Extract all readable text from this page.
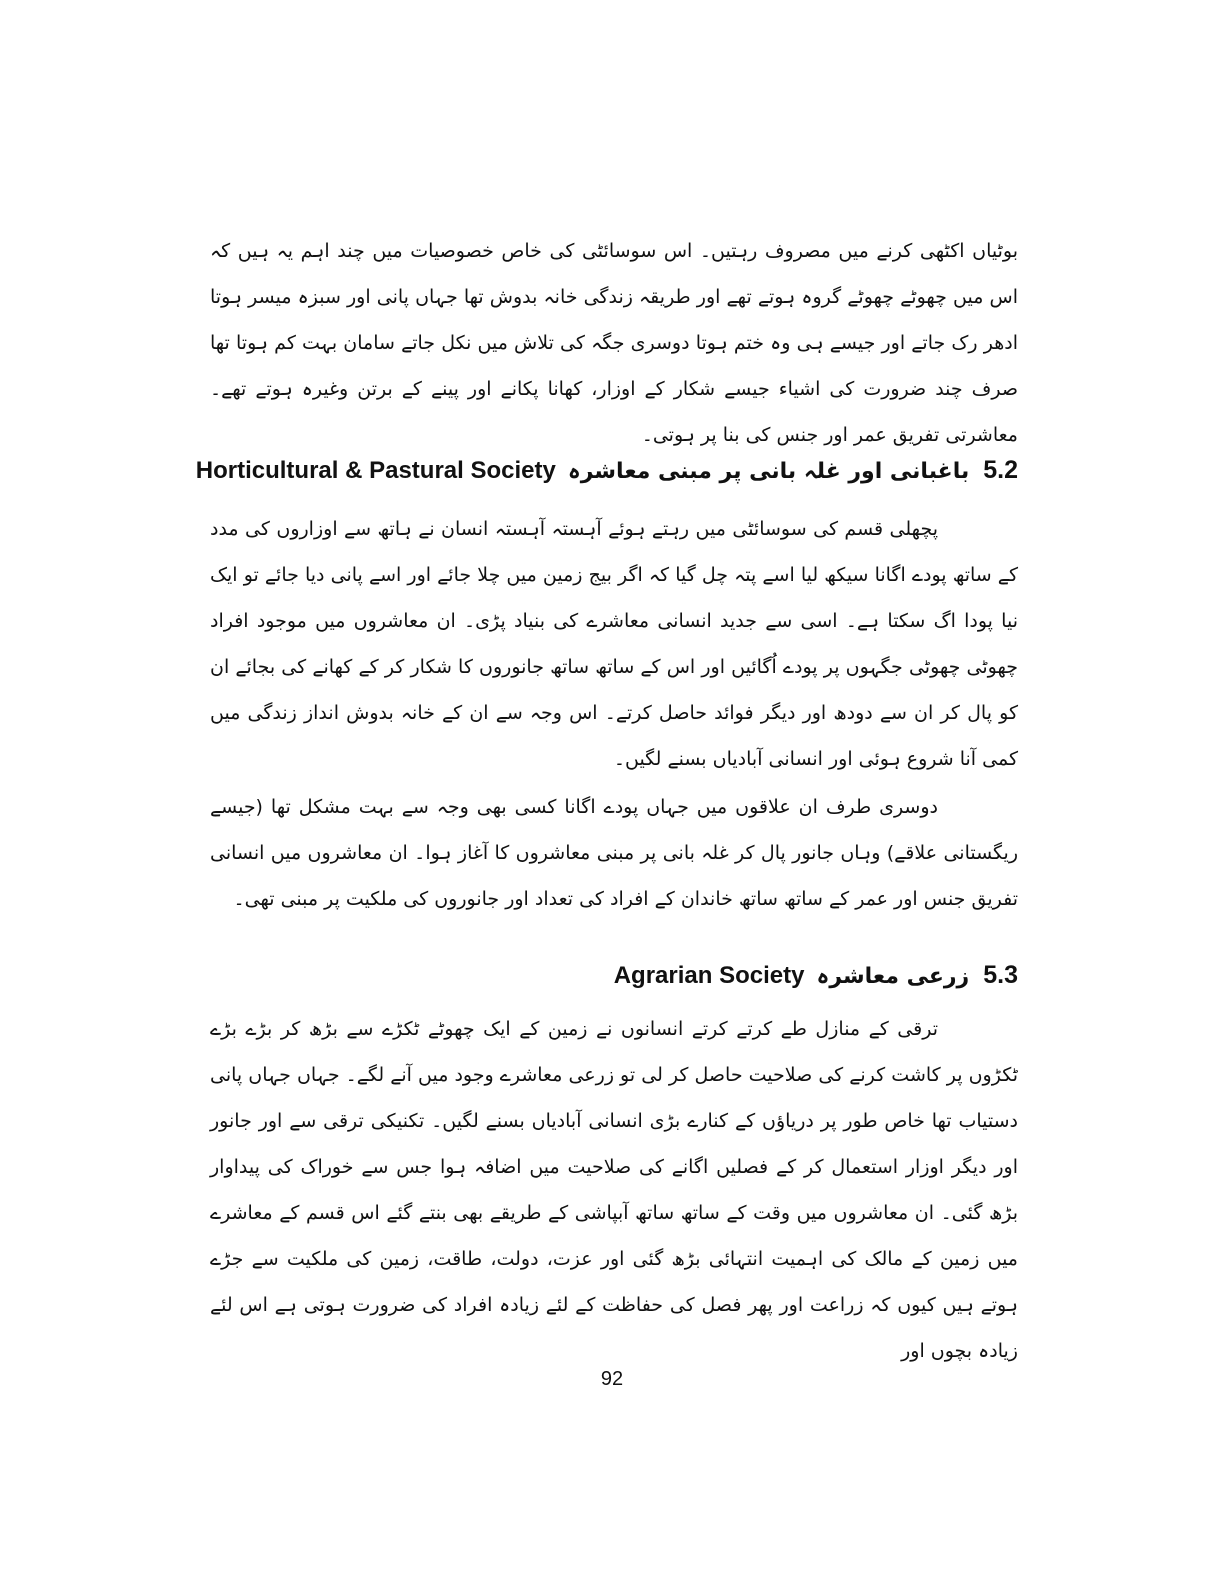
بوٹیاں اکٹھی کرنے میں مصروف رہتیں۔ اس سوسائٹی کی خاص خصوصیات میں چند اہم یہ ہیں کہ اس میں چھوٹے چھوٹے گروہ ہوتے تھے اور طریقہ زندگی خانہ بدوش تھا جہاں پانی اور سبزہ میسر ہوتا ادھر رک جاتے اور جیسے ہی وہ ختم ہوتا دوسری جگہ کی تلاش میں نکل جاتے سامان بہت کم ہوتا تھا صرف چند ضرورت کی اشیاء جیسے شکار کے اوزار، کھانا پکانے اور پینے کے برتن وغیرہ ہوتے تھے۔ معاشرتی تفریق عمر اور جنس کی بنا پر ہوتی۔

5.2باغبانی اور غلہ بانی پر مبنی معاشرہHorticultural & Pastural Society

پچھلی قسم کی سوسائٹی میں رہتے ہوئے آہستہ آہستہ انسان نے ہاتھ سے اوزاروں کی مدد کے ساتھ پودے اگانا سیکھ لیا اسے پتہ چل گیا کہ اگر بیج زمین میں چلا جائے اور اسے پانی دیا جائے تو ایک نیا پودا اگ سکتا ہے۔ اسی سے جدید انسانی معاشرے کی بنیاد پڑی۔ ان معاشروں میں موجود افراد چھوٹی چھوٹی جگہوں پر پودے اُگائیں اور اس کے ساتھ ساتھ جانوروں کا شکار کر کے کھانے کی بجائے ان کو پال کر ان سے دودھ اور دیگر فوائد حاصل کرتے۔ اس وجہ سے ان کے خانہ بدوش انداز زندگی میں کمی آنا شروع ہوئی اور انسانی آبادیاں بسنے لگیں۔

دوسری طرف ان علاقوں میں جہاں پودے اگانا کسی بھی وجہ سے بہت مشکل تھا (جیسے ریگستانی علاقے) وہاں جانور پال کر غلہ بانی پر مبنی معاشروں کا آغاز ہوا۔ ان معاشروں میں انسانی تفریق جنس اور عمر کے ساتھ ساتھ خاندان کے افراد کی تعداد اور جانوروں کی ملکیت پر مبنی تھی۔

5.3زرعی معاشرہAgrarian Society

ترقی کے منازل طے کرتے کرتے انسانوں نے زمین کے ایک چھوٹے ٹکڑے سے بڑھ کر بڑے بڑے ٹکڑوں پر کاشت کرنے کی صلاحیت حاصل کر لی تو زرعی معاشرے وجود میں آنے لگے۔ جہاں جہاں پانی دستیاب تھا خاص طور پر دریاؤں کے کنارے بڑی انسانی آبادیاں بسنے لگیں۔ تکنیکی ترقی سے اور جانور اور دیگر اوزار استعمال کر کے فصلیں اگانے کی صلاحیت میں اضافہ ہوا جس سے خوراک کی پیداوار بڑھ گئی۔ ان معاشروں میں وقت کے ساتھ ساتھ آبپاشی کے طریقے بھی بنتے گئے اس قسم کے معاشرے میں زمین کے مالک کی اہمیت انتہائی بڑھ گئی اور عزت، دولت، طاقت، زمین کی ملکیت سے جڑے ہوتے ہیں کیوں کہ زراعت اور پھر فصل کی حفاظت کے لئے زیادہ افراد کی ضرورت ہوتی ہے اس لئے زیادہ بچوں اور

92
